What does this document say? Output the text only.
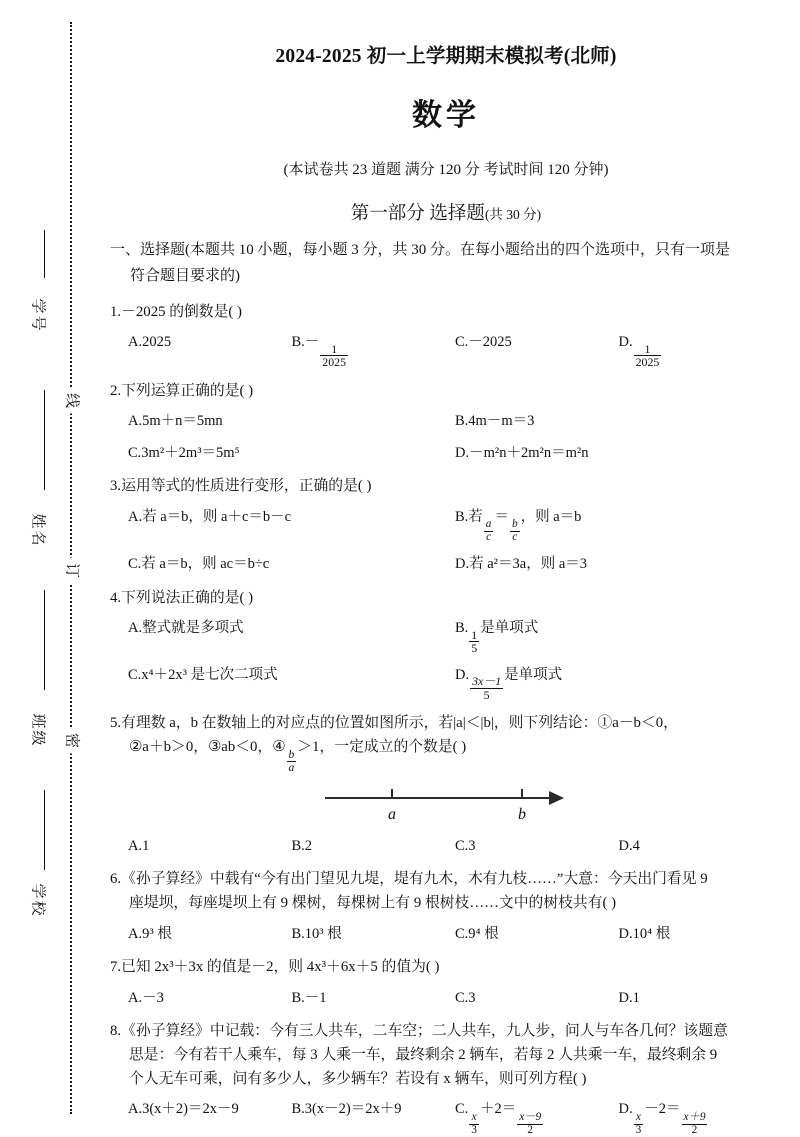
线
订
密
学号
姓名
班级
学校
2024-2025 初一上学期期末模拟考(北师)
数学
(本试卷共 23 道题 满分 120 分 考试时间 120 分钟)
第一部分 选择题(共 30 分)
一、选择题(本题共 10 小题，每小题 3 分，共 30 分。在每小题给出的四个选项中，只有一项是
符合题目要求的)
1.－2025 的倒数是( )
A.2025	B.－
$\frac{1}{2025}$
C.－2025	D.
$\frac{1}{2025}$
2.下列运算正确的是( )
A.5m＋n＝5mn	B.4m－m＝3
C.3m²＋2m³＝5m⁵	D.－m²n＋2m²n＝m²n
3.运用等式的性质进行变形，正确的是( )
A.若 a＝b，则 a＋c＝b－c	B.若
$\frac{a}{c}$
＝
$\frac{b}{c}$
，则 a＝b
C.若 a＝b，则 ac＝b÷c	D.若 a²＝3a，则 a＝3
4.下列说法正确的是( )
A.整式就是多项式	B.
$\frac{1}{5}$
是单项式
C.x⁴＋2x³ 是七次二项式	D.
$\frac{3x-1}{5}$
是单项式
5.有理数 a，b 在数轴上的对应点的位置如图所示，若|a|＜|b|，则下列结论：①a－b＜0，
②a＋b＞0，③ab＜0，④
$\frac{b}{a}$
＞1，一定成立的个数是( )
a	b
A.1	B.2	C.3	D.4
6.《孙子算经》中载有“今有出门望见九堤，堤有九木，木有九枝……”大意：今天出门看见 9
座堤坝，每座堤坝上有 9 棵树，每棵树上有 9 根树枝……文中的树枝共有( )
A.9³ 根	B.10³ 根	C.9⁴ 根	D.10⁴ 根
7.已知 2x³＋3x 的值是－2，则 4x³＋6x＋5 的值为( )
A.－3	B.－1	C.3	D.1
8.《孙子算经》中记载：今有三人共车，二车空；二人共车，九人步，问人与车各几何？该题意
思是：今有若干人乘车，每 3 人乘一车，最终剩余 2 辆车，若每 2 人共乘一车，最终剩余 9
个人无车可乘，问有多少人，多少辆车？若设有 x 辆车，则可列方程( )
A.3(x＋2)＝2x－9	B.3(x－2)＝2x＋9	C.
$\frac{x}{3}$
＋2＝
$\frac{x-9}{2}$
D.
$\frac{x}{3}$
－2＝
$\frac{x+9}{2}$
